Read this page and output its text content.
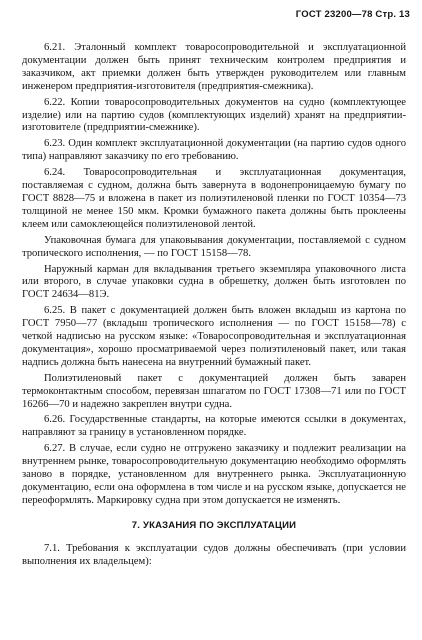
ГОСТ 23200—78 Стр. 13

6.21. Эталонный комплект товаросопроводительной и эксплуатационной документации должен быть принят техническим контролем предприятия и заказчиком, акт приемки должен быть утвержден руководителем или главным инженером предприятия-изготовителя (предприятия-смежника).

6.22. Копии товаросопроводительных документов на судно (комплектующее изделие) или на партию судов (комплектующих изделий) хранят на предприятии-изготовителе (предприятии-смежнике).

6.23. Один комплект эксплуатационной документации (на партию судов одного типа) направляют заказчику по его требованию.

6.24. Товаросопроводительная и эксплуатационная документация, поставляемая с судном, должна быть завернута в водонепроницаемую бумагу по ГОСТ 8828—75 и вложена в пакет из полиэтиленовой пленки по ГОСТ 10354—73 толщиной не менее 150 мкм. Кромки бумажного пакета должны быть проклеены клеем или самоклеющейся полиэтиленовой лентой.

Упаковочная бумага для упаковывания документации, поставляемой с судном тропического исполнения, — по ГОСТ 15158—78.

Наружный карман для вкладывания третьего экземпляра упаковочного листа или второго, в случае упаковки судна в обрешетку, должен быть изготовлен по ГОСТ 24634—81Э.

6.25. В пакет с документацией должен быть вложен вкладыш из картона по ГОСТ 7950—77 (вкладыш тропического исполнения — по ГОСТ 15158—78) с четкой надписью на русском языке: «Товаросопроводительная и эксплуатационная документация», хорошо просматриваемой через полиэтиленовый пакет, или такая надпись должна быть нанесена на внутренний бумажный пакет.

Полиэтиленовый пакет с документацией должен быть заварен термоконтактным способом, перевязан шпагатом по ГОСТ 17308—71 или по ГОСТ 16266—70 и надежно закреплен внутри судна.

6.26. Государственные стандарты, на которые имеются ссылки в документах, направляют за границу в установленном порядке.

6.27. В случае, если судно не отгружено заказчику и подлежит реализации на внутреннем рынке, товаросопроводительную документацию необходимо оформлять заново в порядке, установленном для внутреннего рынка. Эксплуатационную документацию, если она оформлена в том числе и на русском языке, допускается не переоформлять. Маркировку судна при этом допускается не изменять.

7. УКАЗАНИЯ ПО ЭКСПЛУАТАЦИИ

7.1. Требования к эксплуатации судов должны обеспечивать (при условии выполнения их владельцем):
